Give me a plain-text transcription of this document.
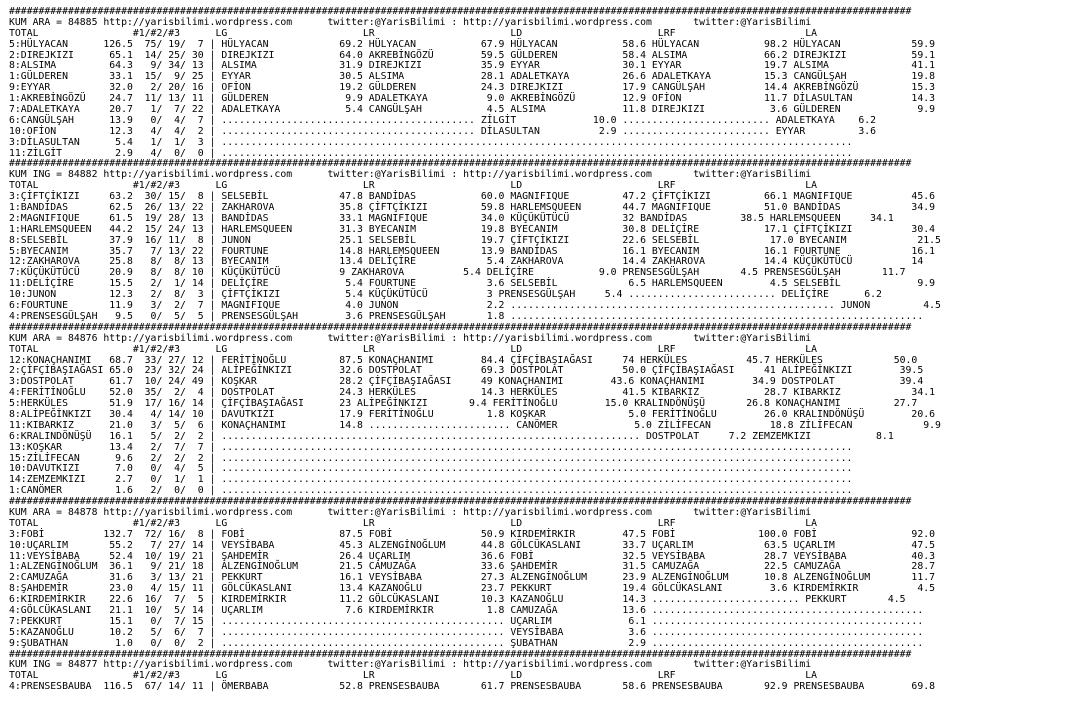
#########################################################################################################################################################
KUM ARA = 84885 http://yarisbilimi.wordpress.com      twitter:@YarisBilimi : http://yarisbilimi.wordpress.com       twitter:@YarisBilimi
TOTAL                #1/#2/#3      LG                       LR                       LD                       LRF                      LA
5:HÜLYACAN      126.5  75/ 19/  7 | HÜLYACAN            69.2 HÜLYACAN           67.9 HÜLYACAN           58.6 HÜLYACAN           98.2 HÜLYACAN            59.9
2:DIREJKIZI      65.1  14/ 25/ 30 | DIREJKIZI           64.0 AKREBİNGÖZÜ        59.5 GÜLDEREN           58.4 ALSIMA             66.2 DIREJKIZI           59.1
8:ALSIMA         64.3   9/ 34/ 13 | ALSIMA              31.9 DIREJKIZI          35.9 EYYAR              30.1 EYYAR              19.7 ALSIMA              41.1
1:GÜLDEREN       33.1  15/  9/ 25 | EYYAR               30.5 ALSIMA             28.1 ADALETKAYA         26.6 ADALETKAYA         15.3 CANGÜLŞAH           19.8
9:EYYAR          32.0   2/ 20/ 16 | OFİON               19.2 GÜLDEREN           24.3 DIREJKIZI          17.9 CANGÜLŞAH          14.4 AKREBİNGÖZÜ         15.3
1:AKREBİNGÖZÜ    24.7  11/ 13/ 11 | GÜLDEREN             9.9 ADALETKAYA          9.0 AKREBİNGÖZÜ        12.9 OFİON              11.7 DİLASULTAN          14.3
7:ADALETKAYA     20.7   1/  7/ 22 | ADALETKAYA           5.4 CANGÜLŞAH           4.5 ALSIMA             11.8 DIREJKIZI           3.6 GÜLDEREN             9.9
6:CANGÜLŞAH      13.9   0/  4/  7 | ........................................... ZİLGİT             10.0 ......................... ADALETKAYA    6.2
10:OFİON         12.3   4/  4/  2 | ........................................... DİLASULTAN          2.9 ......................... EYYAR         3.6
3:DİLASULTAN      5.4   1/  1/  3 | ...........................................................................................................
11:ZİLGİT         2.9   4/  0/  0 | ...........................................................................................................
#########################################################################################################################################################
KUM ING = 84882 http://yarisbilimi.wordpress.com      twitter:@YarisBilimi : http://yarisbilimi.wordpress.com       twitter:@YarisBilimi
TOTAL                #1/#2/#3      LG                       LR                       LD                       LRF                      LA
3:ÇİFTÇİKIZI     63.2  30/ 15/  8 | SELSEBİL            47.8 BANDİDAS           60.0 MAGNIFIQUE         47.2 ÇİFTÇİKIZI         66.1 MAGNIFIQUE          45.6
1:BANDİDAS       62.5  26/ 13/ 22 | ZAKHAROVA           35.8 ÇİFTÇİKIZI         59.8 HARLEMSQUEEN       44.7 MAGNIFIQUE         51.0 BANDİDAS            34.9
2:MAGNIFIQUE     61.5  19/ 28/ 13 | BANDİDAS            33.1 MAGNIFIQUE         34.0 KÜÇÜKÜTÜCÜ         32 BANDİDAS         38.5 HARLEMSQUEEN     34.1
1:HARLEMSQUEEN   44.2  15/ 24/ 13 | HARLEMSQUEEN        31.3 BYECANIM           19.8 BYECANIM           30.8 DELİÇİRE           17.1 ÇİFTÇİKIZI          30.4
8:SELSEBİL       37.9  16/ 11/  8 | JUNON               25.1 SELSEBİL           19.7 ÇİFTÇİKIZI         22.6 SELSEBİL            17.0 BYECANIM            21.5
5:BYECANIM       35.7   7/ 13/ 22 | FOURTUNE            14.8 HARLEMSQUEEN       13.9 BANDİDAS           16.1 BYECANIM           16.1 FOURTUNE            16.1
12:ZAKHAROVA     25.8   8/  8/ 13 | BYECANIM            13.4 DELİÇİRE            5.4 ZAKHAROVA          14.4 ZAKHAROVA          14.4 KÜÇÜKÜTÜCÜ          14
7:KÜÇÜKÜTÜCÜ     20.9   8/  8/ 10 | KÜÇÜKÜTÜCÜ          9 ZAKHAROVA          5.4 DELİÇİRE           9.0 PRENSESGÜLŞAH       4.5 PRENSESGÜLŞAH       11.7
11:DELİÇİRE      15.5   2/  1/ 14 | DELİÇİRE             5.4 FOURTUNE            3.6 SELSEBİL            6.5 HARLEMSQUEEN        4.5 SELSEBİL             9.9
10:JUNON         12.3   2/  8/  3 | ÇİFTÇİKIZI           5.4 KÜÇÜKÜTÜCÜ          3 PRENSESGÜLŞAH     5.4 ......................... DELİÇİRE      6.2
6:FOURTUNE       11.9   3/  2/  7 | MAGNIFIQUE           4.0 JUNON               2.2 ....................................................... JUNON         4.5
4:PRENSESGÜLŞAH   9.5   0/  5/  5 | PRENSESGÜLŞAH        3.6 PRENSESGÜLŞAH       1.8 ......................................................................
#########################################################################################################################################################
KUM ARA = 84876 http://yarisbilimi.wordpress.com      twitter:@YarisBilimi : http://yarisbilimi.wordpress.com       twitter:@YarisBilimi
TOTAL                #1/#2/#3      LG                       LR                       LD                       LRF                      LA
12:KONAÇHANIMI   68.7  33/ 27/ 12 | FERİTİNOĞLU         87.5 KONAÇHANIMI        84.4 ÇİFÇİBAŞIAĞASI     74 HERKÜLES          45.7 HERKÜLES            50.0
2:ÇİFÇİBAŞIAĞASI 65.0  23/ 32/ 24 | ALİPEĞİNKIZI        32.6 DOSTPOLAT          69.3 DOSTPOLAT          50.0 ÇİFÇİBAŞIAĞASI     41 ALİPEĞİNKIZI        39.5
3:DOSTPOLAT      61.7  10/ 24/ 49 | KOŞKAR              28.2 ÇİFÇİBAŞIAĞASI     49 KONAÇHANIMI        43.6 KONAÇHANIMI        34.9 DOSTPOLAT           39.4
4:FERİTİNOĞLU    52.0  35/  2/  4 | DOSTPOLAT           24.3 HERKÜLES           14.3 HERKÜLES           41.5 KIBARKIZ           28.7 KIBARKIZ            34.1
5:HERKÜLES       51.9  17/ 16/ 14 | ÇİFÇİBAŞIAĞASI      23 ALİPEĞİNKIZI       9.4 FERİTİNOĞLU        15.0 KRALINDÖNÜŞÜ       26.8 KONAÇHANIMI         27.7
8:ALİPEĞİNKIZI   30.4   4/ 14/ 10 | DAVUTKIZI           17.9 FERİTİNOĞLU         1.8 KOŞKAR              5.0 FERİTİNOĞLU        26.0 KRALINDÖNÜŞÜ        20.6
11:KIBARKIZ      21.0   3/  5/  6 | KONAÇHANIMI         14.8 ........................ CANÖMER             5.0 ZİLİFECAN          18.8 ZİLİFECAN            9.9
6:KRALINDÖNÜŞÜ   16.1   5/  2/  2 | ....................................................................... DOSTPOLAT     7.2 ZEMZEMKIZI           8.1
13:KOŞKAR        13.4   2/  7/  7 | ...........................................................................................................
15:ZİLİFECAN      9.6   2/  2/  2 | ...........................................................................................................
10:DAVUTKIZI      7.0   0/  4/  5 | ...........................................................................................................
14:ZEMZEMKIZI     2.7   0/  1/  1 | ...........................................................................................................
1:CANÖMER         1.6   2/  0/  0 | ...........................................................................................................
#########################################################################################################################################################
KUM ARA = 84878 http://yarisbilimi.wordpress.com      twitter:@YarisBilimi : http://yarisbilimi.wordpress.com       twitter:@YarisBilimi
TOTAL                #1/#2/#3      LG                       LR                       LD                       LRF                      LA
3:FOBİ          132.7  72/ 16/  8 | FOBİ                87.5 FOBİ               50.9 KIRDEMİRKIR        47.5 FOBİ              100.0 FOBİ                92.0
10:UÇARLIM       55.2   7/ 27/ 14 | VEYSİBABA           45.3 ALZENGİNOĞLUM      44.8 GÖLCÜKASLANI       33.7 UÇARLIM            63.5 UÇARLIM             47.5
11:VEYSİBABA     52.4  10/ 19/ 21 | ŞAHDEMİR            26.4 UÇARLIM            36.6 FOBİ               32.5 VEYSİBABA          28.7 VEYSİBABA           40.3
1:ALZENGİNOĞLUM  36.1   9/ 21/ 18 | ALZENGİNOĞLUM       21.5 CAMUZAĞA           33.6 ŞAHDEMİR           31.5 CAMUZAĞA           22.5 CAMUZAĞA            28.7
2:CAMUZAĞA       31.6   3/ 13/ 21 | PEKKURT             16.1 VEYSİBABA          27.3 ALZENGİNOĞLUM      23.9 ALZENGİNOĞLUM      10.8 ALZENGİNOĞLUM       11.7
8:ŞAHDEMİR       23.0   4/ 15/ 11 | GÖLCÜKASLANI        13.4 KAZANOĞLU          23.7 PEKKURT            19.4 GÖLCÜKASLANI        3.6 KIRDEMİRKIR          4.5
6:KIRDEMİRKIR    22.6  16/  7/  5 | KIRDEMİRKIR         11.2 GÖLCÜKASLANI       10.3 KAZANOĞLU          14.3 ......................... PEKKURT       4.5
4:GÖLCÜKASLANI   21.1  10/  5/ 14 | UÇARLIM              7.6 KIRDEMİRKIR         1.8 CAMUZAĞA           13.6 ..............................................
7:PEKKURT        15.1   0/  7/ 15 | ................................................ UÇARLIM             6.1 ..............................................
5:KAZANOĞLU      10.2   5/  6/  7 | ................................................ VEYSİBABA           3.6 ..............................................
9:ŞUBATHAN        1.0   0/  0/  2 | ................................................ ŞUBATHAN            2.9 ..............................................
#########################################################################################################################################################
KUM ING = 84877 http://yarisbilimi.wordpress.com      twitter:@YarisBilimi : http://yarisbilimi.wordpress.com       twitter:@YarisBilimi
TOTAL                #1/#2/#3      LG                       LR                       LD                       LRF                      LA
4:PRENSESBAUBA  116.5  67/ 14/ 11 | ÖMERBABA            52.8 PRENSESBAUBA       61.7 PRENSESBAUBA       58.6 PRENSESBAUBA       92.9 PRENSESBAUBA        69.8
